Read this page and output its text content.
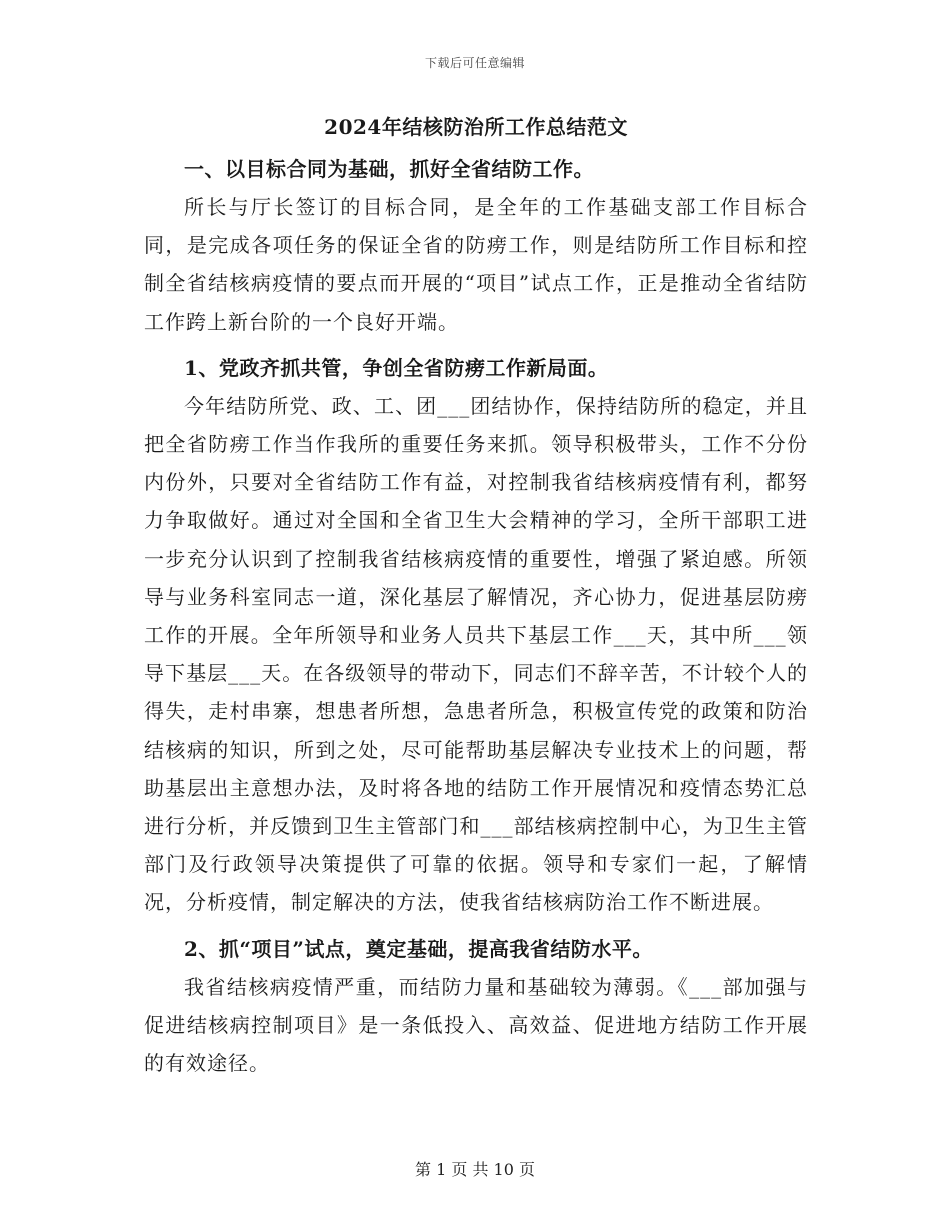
下载后可任意编辑
2024年结核防治所工作总结范文

一、以目标合同为基础，抓好全省结防工作。

所长与厅长签订的目标合同，是全年的工作基础支部工作目标合同，是完成各项任务的保证全省的防痨工作，则是结防所工作目标和控制全省结核病疫情的要点而开展的“项目”试点工作，正是推动全省结防工作跨上新台阶的一个良好开端。

1、党政齐抓共管，争创全省防痨工作新局面。

今年结防所党、政、工、团___团结协作，保持结防所的稳定，并且把全省防痨工作当作我所的重要任务来抓。领导积极带头，工作不分份内份外，只要对全省结防工作有益，对控制我省结核病疫情有利，都努力争取做好。通过对全国和全省卫生大会精神的学习，全所干部职工进一步充分认识到了控制我省结核病疫情的重要性，增强了紧迫感。所领导与业务科室同志一道，深化基层了解情况，齐心协力，促进基层防痨工作的开展。全年所领导和业务人员共下基层工作___天，其中所___领导下基层___天。在各级领导的带动下，同志们不辞辛苦，不计较个人的得失，走村串寨，想患者所想，急患者所急，积极宣传党的政策和防治结核病的知识，所到之处，尽可能帮助基层解决专业技术上的问题，帮助基层出主意想办法，及时将各地的结防工作开展情况和疫情态势汇总进行分析，并反馈到卫生主管部门和___部结核病控制中心，为卫生主管部门及行政领导决策提供了可靠的依据。领导和专家们一起，了解情况，分析疫情，制定解决的方法，使我省结核病防治工作不断进展。

2、抓“项目”试点，奠定基础，提高我省结防水平。

我省结核病疫情严重，而结防力量和基础较为薄弱。《___部加强与促进结核病控制项目》是一条低投入、高效益、促进地方结防工作开展的有效途径。

第 1 页 共 10 页
